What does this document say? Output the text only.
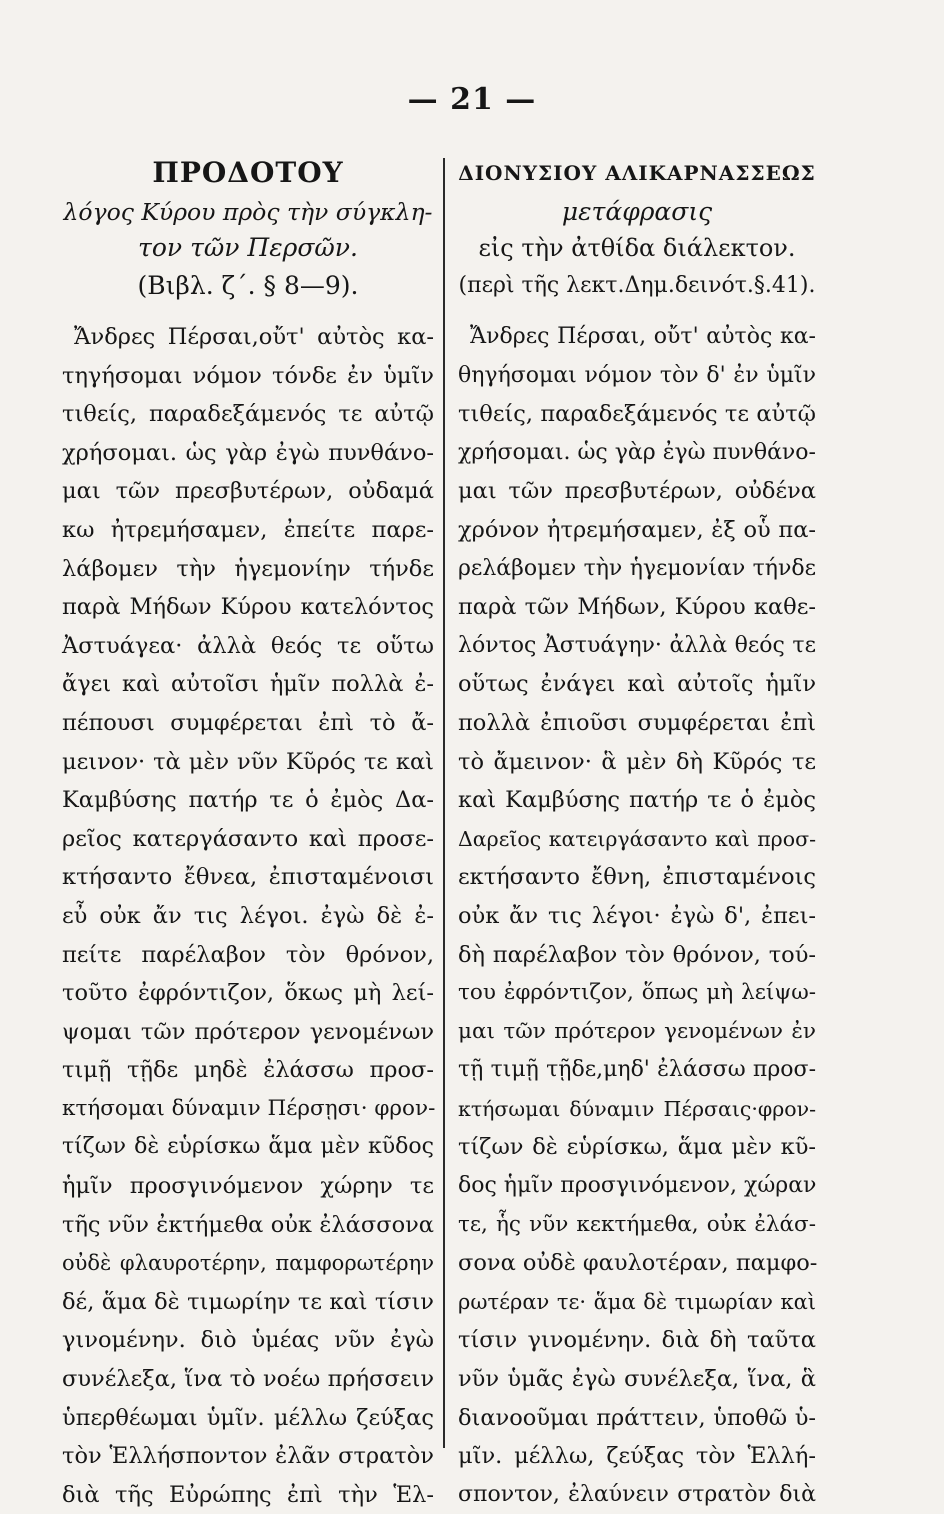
— 21 —
ΠΡΟΔΟΤΟΥ
λόγος Κύρου πρὸς τὴν σύγκλη-
τον τῶν Περσῶν.
(Βιβλ. ζ΄. § 8—9).
Ἄνδρες Πέρσαι,οὔτ' αὐτὸς κα-
τηγήσομαι νόμον τόνδε ἐν ὑμῖν
τιθείς, παραδεξάμενός τε αὐτῷ
χρήσομαι. ὡς γὰρ ἐγὼ πυνθάνο-
μαι τῶν πρεσβυτέρων, οὐδαμά
κω ἠτρεμήσαμεν, ἐπείτε παρε-
λάβομεν τὴν ἡγεμονίην τήνδε
παρὰ Μήδων Κύρου κατελόντος
Ἀστυάγεα· ἀλλὰ θεός τε οὕτω
ἄγει καὶ αὐτοῖσι ἡμῖν πολλὰ ἐ-
πέπουσι συμφέρεται ἐπὶ τὸ ἄ-
μεινον· τὰ μὲν νῦν Κῦρός τε καὶ
Καμβύσης πατήρ τε ὁ ἐμὸς Δα-
ρεῖος κατεργάσαντο καὶ προσε-
κτήσαντο ἔθνεα, ἐπισταμένοισι
εὖ οὐκ ἄν τις λέγοι. ἐγὼ δὲ ἐ-
πείτε παρέλαβον τὸν θρόνον,
τοῦτο ἐφρόντιζον, ὅκως μὴ λεί-
ψομαι τῶν πρότερον γενομένων
τιμῇ τῇδε μηδὲ ἐλάσσω προσ-
κτήσομαι δύναμιν Πέρσῃσι· φρον-
τίζων δὲ εὑρίσκω ἅμα μὲν κῦδος
ἡμῖν προσγινόμενον χώρην τε
τῆς νῦν ἐκτήμεθα οὐκ ἐλάσσονα
οὐδὲ φλαυροτέρην, παμφορωτέρην
δέ, ἅμα δὲ τιμωρίην τε καὶ τίσιν
γινομένην. διὸ ὑμέας νῦν ἐγὼ
συνέλεξα, ἵνα τὸ νοέω πρήσσειν
ὑπερθέωμαι ὑμῖν. μέλλω ζεύξας
τὸν Ἑλλήσποντον ἐλᾶν στρατὸν
διὰ τῆς Εὐρώπης ἐπὶ τὴν Ἑλ-
ΔΙΟΝΥΣΙΟΥ ΑΛΙΚΑΡΝΑΣΣΕΩΣ
μετάφρασις
εἰς τὴν ἀτθίδα διάλεκτον.
(περὶ τῆς λεκτ.Δημ.δεινότ.§.41).
Ἄνδρες Πέρσαι, οὔτ' αὐτὸς κα-
θηγήσομαι νόμον τὸν δ' ἐν ὑμῖν
τιθείς, παραδεξάμενός τε αὐτῷ
χρήσομαι. ὡς γὰρ ἐγὼ πυνθάνο-
μαι τῶν πρεσβυτέρων, οὐδένα
χρόνον ἠτρεμήσαμεν, ἐξ οὗ πα-
ρελάβομεν τὴν ἡγεμονίαν τήνδε
παρὰ τῶν Μήδων, Κύρου καθε-
λόντος Ἀστυάγην· ἀλλὰ θεός τε
οὕτως ἐνάγει καὶ αὐτοῖς ἡμῖν
πολλὰ ἐπιοῦσι συμφέρεται ἐπὶ
τὸ ἄμεινον· ἃ μὲν δὴ Κῦρός τε
καὶ Καμβύσης πατήρ τε ὁ ἐμὸς
Δαρεῖος κατειργάσαντο καὶ προσ-
εκτήσαντο ἔθνη, ἐπισταμένοις
οὐκ ἄν τις λέγοι· ἐγὼ δ', ἐπει-
δὴ παρέλαβον τὸν θρόνον, τού-
του ἐφρόντιζον, ὅπως μὴ λείψω-
μαι τῶν πρότερον γενομένων ἐν
τῇ τιμῇ τῇδε,μηδ' ἐλάσσω προσ-
κτήσωμαι δύναμιν Πέρσαις·φρον-
τίζων δὲ εὑρίσκω, ἅμα μὲν κῦ-
δος ἡμῖν προσγινόμενον, χώραν
τε, ἧς νῦν κεκτήμεθα, οὐκ ἐλάσ-
σονα οὐδὲ φαυλοτέραν, παμφο-
ρωτέραν τε· ἅμα δὲ τιμωρίαν καὶ
τίσιν γινομένην. διὰ δὴ ταῦτα
νῦν ὑμᾶς ἐγὼ συνέλεξα, ἵνα, ἃ
διανοοῦμαι πράττειν, ὑποθῶ ὑ-
μῖν. μέλλω, ζεύξας τὸν Ἑλλή-
σποντον, ἐλαύνειν στρατὸν διὰ
